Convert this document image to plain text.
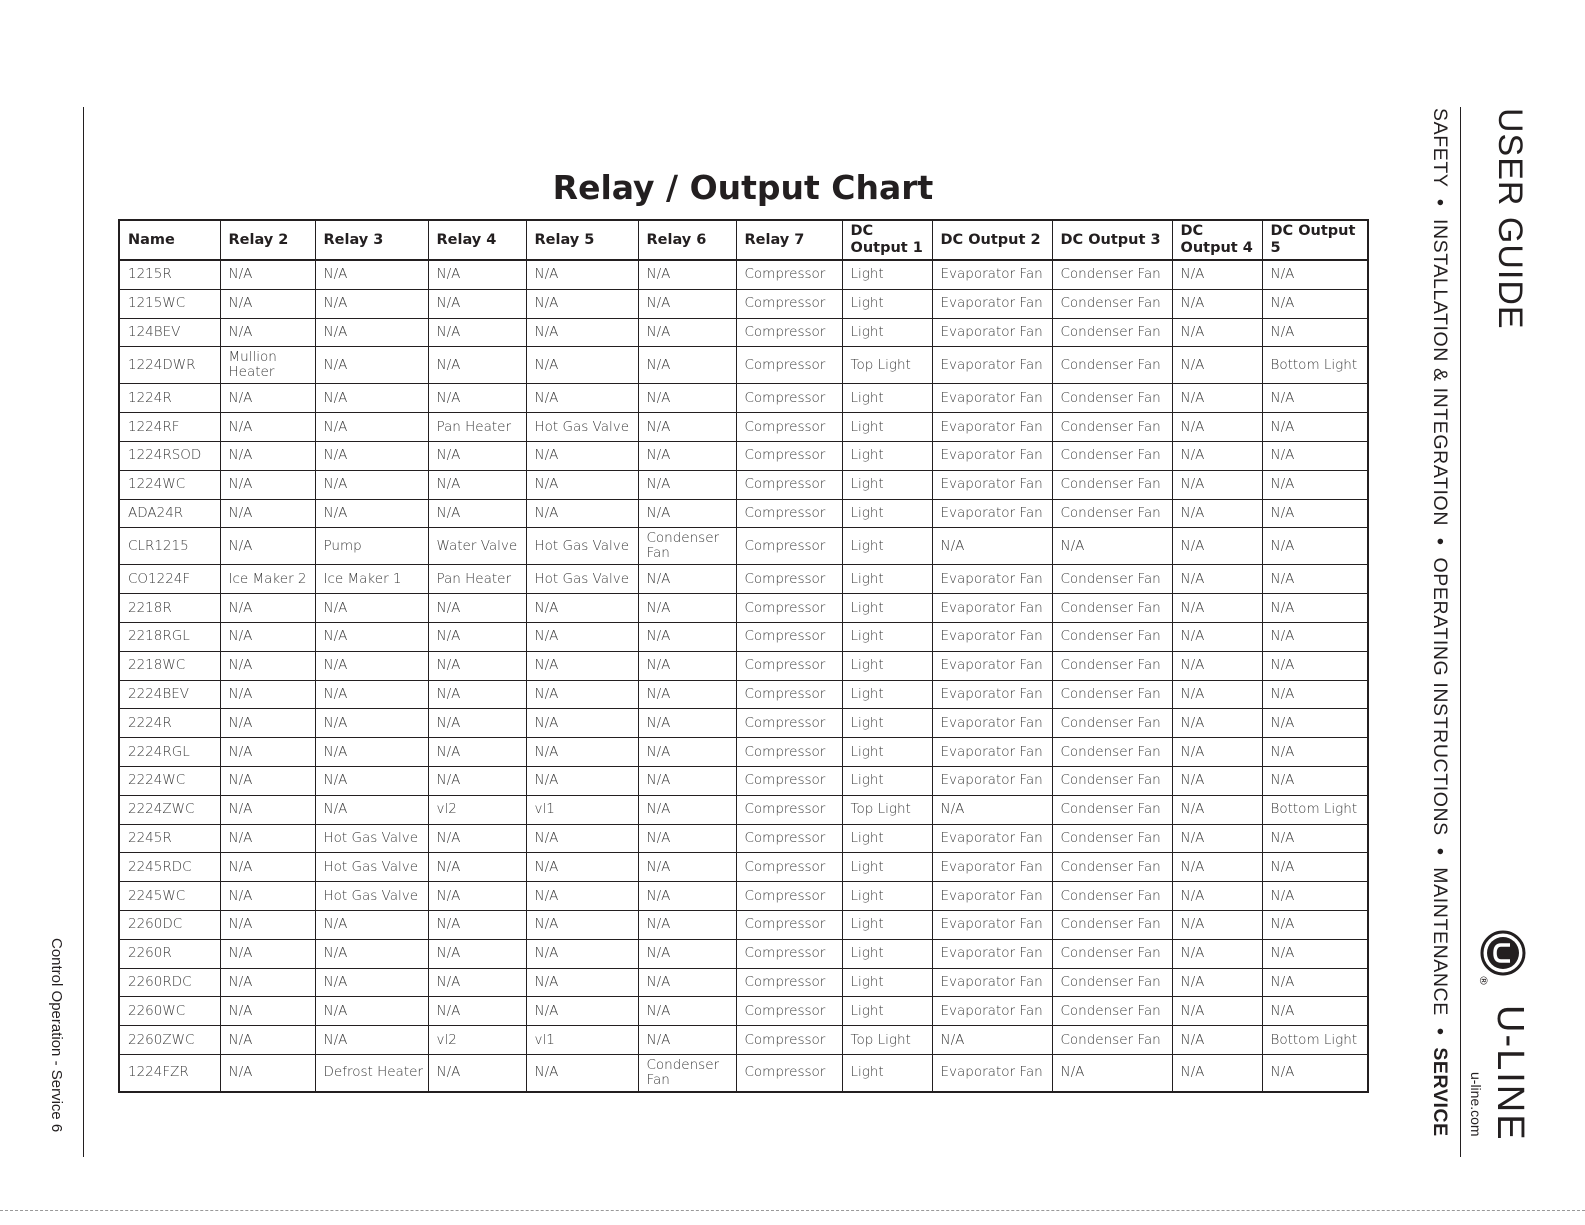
Control Operation - Service 6
USER GUIDE
SAFETY • INSTALLATION & INTEGRATION • OPERATING INSTRUCTIONS • MAINTENANCE • SERVICE
®
U-LINE
u-line.com
Relay / Output Chart
Name	Relay 2	Relay 3	Relay 4	Relay 5	Relay 6	Relay 7	DC Output 1	DC Output 2	DC Output 3	DC Output 4	DC Output 5
1215R	N/A	N/A	N/A	N/A	N/A	Compressor	Light	Evaporator Fan	Condenser Fan	N/A	N/A
1215WC	N/A	N/A	N/A	N/A	N/A	Compressor	Light	Evaporator Fan	Condenser Fan	N/A	N/A
124BEV	N/A	N/A	N/A	N/A	N/A	Compressor	Light	Evaporator Fan	Condenser Fan	N/A	N/A
1224DWR	Mullion Heater	N/A	N/A	N/A	N/A	Compressor	Top Light	Evaporator Fan	Condenser Fan	N/A	Bottom Light
1224R	N/A	N/A	N/A	N/A	N/A	Compressor	Light	Evaporator Fan	Condenser Fan	N/A	N/A
1224RF	N/A	N/A	Pan Heater	Hot Gas Valve	N/A	Compressor	Light	Evaporator Fan	Condenser Fan	N/A	N/A
1224RSOD	N/A	N/A	N/A	N/A	N/A	Compressor	Light	Evaporator Fan	Condenser Fan	N/A	N/A
1224WC	N/A	N/A	N/A	N/A	N/A	Compressor	Light	Evaporator Fan	Condenser Fan	N/A	N/A
ADA24R	N/A	N/A	N/A	N/A	N/A	Compressor	Light	Evaporator Fan	Condenser Fan	N/A	N/A
CLR1215	N/A	Pump	Water Valve	Hot Gas Valve	Condenser Fan	Compressor	Light	N/A	N/A	N/A	N/A
CO1224F	Ice Maker 2	Ice Maker 1	Pan Heater	Hot Gas Valve	N/A	Compressor	Light	Evaporator Fan	Condenser Fan	N/A	N/A
2218R	N/A	N/A	N/A	N/A	N/A	Compressor	Light	Evaporator Fan	Condenser Fan	N/A	N/A
2218RGL	N/A	N/A	N/A	N/A	N/A	Compressor	Light	Evaporator Fan	Condenser Fan	N/A	N/A
2218WC	N/A	N/A	N/A	N/A	N/A	Compressor	Light	Evaporator Fan	Condenser Fan	N/A	N/A
2224BEV	N/A	N/A	N/A	N/A	N/A	Compressor	Light	Evaporator Fan	Condenser Fan	N/A	N/A
2224R	N/A	N/A	N/A	N/A	N/A	Compressor	Light	Evaporator Fan	Condenser Fan	N/A	N/A
2224RGL	N/A	N/A	N/A	N/A	N/A	Compressor	Light	Evaporator Fan	Condenser Fan	N/A	N/A
2224WC	N/A	N/A	N/A	N/A	N/A	Compressor	Light	Evaporator Fan	Condenser Fan	N/A	N/A
2224ZWC	N/A	N/A	vl2	vl1	N/A	Compressor	Top Light	N/A	Condenser Fan	N/A	Bottom Light
2245R	N/A	Hot Gas Valve	N/A	N/A	N/A	Compressor	Light	Evaporator Fan	Condenser Fan	N/A	N/A
2245RDC	N/A	Hot Gas Valve	N/A	N/A	N/A	Compressor	Light	Evaporator Fan	Condenser Fan	N/A	N/A
2245WC	N/A	Hot Gas Valve	N/A	N/A	N/A	Compressor	Light	Evaporator Fan	Condenser Fan	N/A	N/A
2260DC	N/A	N/A	N/A	N/A	N/A	Compressor	Light	Evaporator Fan	Condenser Fan	N/A	N/A
2260R	N/A	N/A	N/A	N/A	N/A	Compressor	Light	Evaporator Fan	Condenser Fan	N/A	N/A
2260RDC	N/A	N/A	N/A	N/A	N/A	Compressor	Light	Evaporator Fan	Condenser Fan	N/A	N/A
2260WC	N/A	N/A	N/A	N/A	N/A	Compressor	Light	Evaporator Fan	Condenser Fan	N/A	N/A
2260ZWC	N/A	N/A	vl2	vl1	N/A	Compressor	Top Light	N/A	Condenser Fan	N/A	Bottom Light
1224FZR	N/A	Defrost Heater	N/A	N/A	Condenser Fan	Compressor	Light	Evaporator Fan	N/A	N/A	N/A
